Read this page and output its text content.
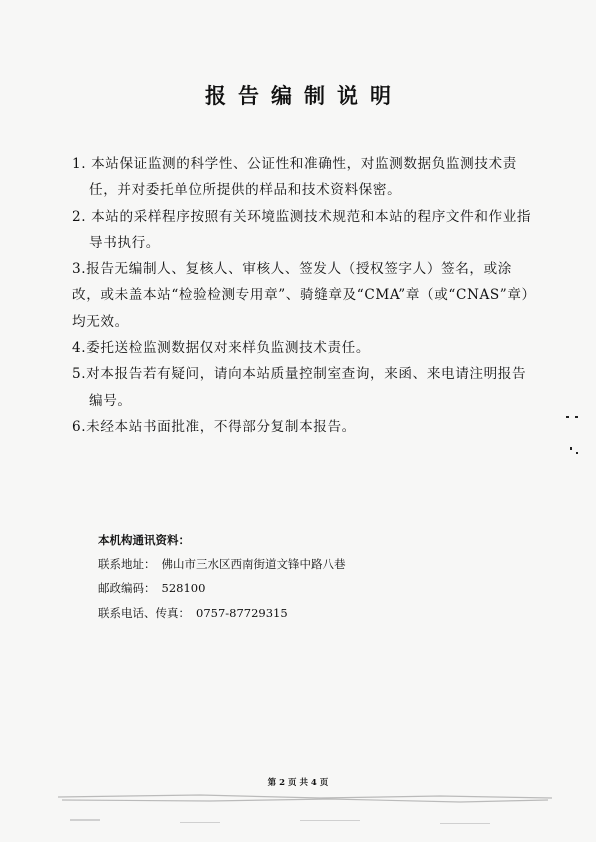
报告编制说明

1. 本站保证监测的科学性、公证性和准确性，对监测数据负监测技术责任，并对委托单位所提供的样品和技术资料保密。

2. 本站的采样程序按照有关环境监测技术规范和本站的程序文件和作业指导书执行。

3.报告无编制人、复核人、审核人、签发人（授权签字人）签名，或涂改，或未盖本站“检验检测专用章”、骑缝章及“CMA”章（或“CNAS”章）均无效。

4.委托送检监测数据仅对来样负监测技术责任。

5.对本报告若有疑问，请向本站质量控制室查询，来函、来电请注明报告编号。

6.未经本站书面批准，不得部分复制本报告。

本机构通讯资料：
联系地址： 佛山市三水区西南街道文锋中路八巷
邮政编码： 528100
联系电话、传真： 0757-87729315
第 2 页 共 4 页
